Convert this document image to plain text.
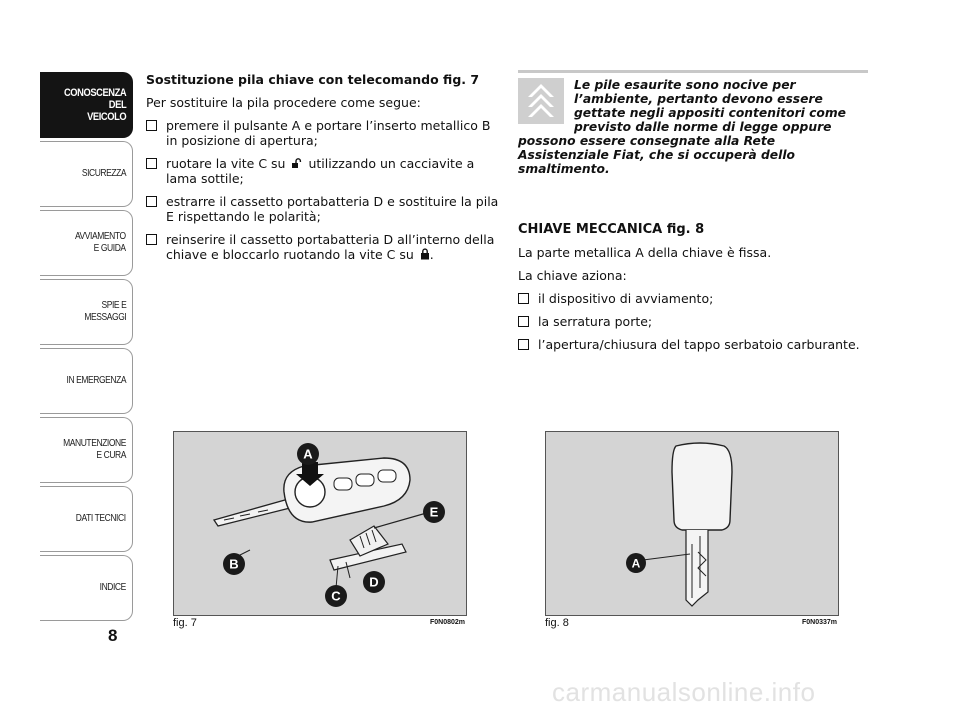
CONOSCENZA
DEL
VEICOLO
SICUREZZA
AVVIAMENTO
E GUIDA
SPIE E
MESSAGGI
IN EMERGENZA
MANUTENZIONE
E CURA
DATI TECNICI
INDICE
8

Sostituzione pila chiave con telecomando fig. 7

Per sostituire la pila procedere come segue:

premere il pulsante A e portare l’inserto metallico B in posizione di apertura;
ruotare la vite C su utilizzando un cacciavite a lama sottile;
estrarre il cassetto portabatteria D e sostituire la pila E rispettando le polarità;
reinserire il cassetto portabatteria D all’interno della chiave e bloccarlo ruotando la vite C su .
Le pile esaurite sono nocive per l’ambiente, pertanto devono essere gettate negli appositi contenitori come previsto dalle norme di legge oppure possono essere consegnate alla Rete Assistenziale Fiat, che si occuperà dello smaltimento.

CHIAVE MECCANICA fig. 8

La parte metallica A della chiave è fissa.

La chiave aziona:

il dispositivo di avviamento;
la serratura porte;
l’apertura/chiusura del tappo serbatoio carburante.
A
B
C
D
E
fig. 7	F0N0802m
A
fig. 8	F0N0337m
carmanualsonline.info
